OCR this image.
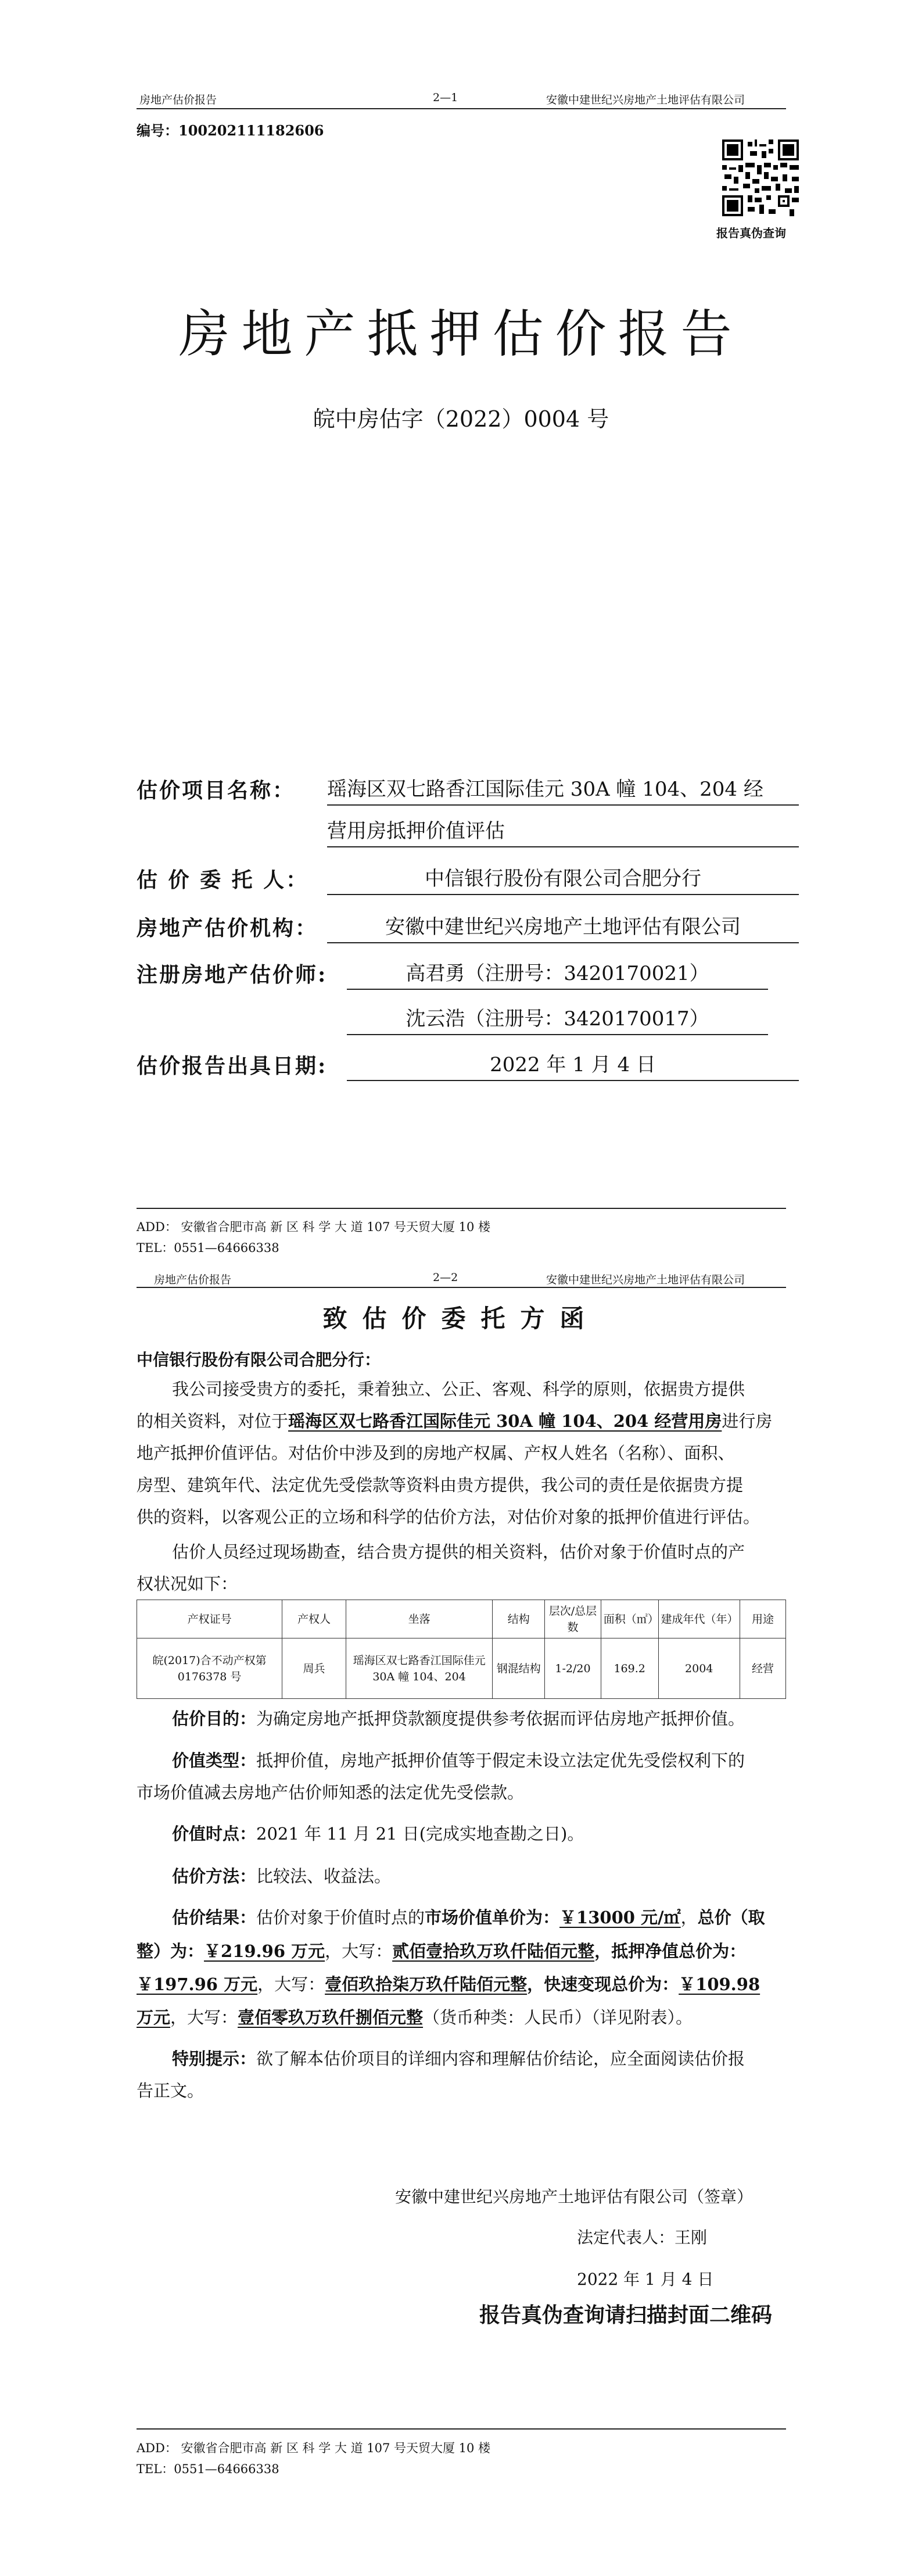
房地产估价报告	2—1	安徽中建世纪兴房地产土地评估有限公司
编号：100202111182606
报告真伪查询
房地产抵押估价报告
皖中房估字（2022）0004 号
估价项目名称： 瑶海区双七路香江国际佳元 30A 幢 104、204 经
营用房抵押价值评估
估 价 委 托 人：	中信银行股份有限公司合肥分行
房地产估价机构：	安徽中建世纪兴房地产土地评估有限公司
注册房地产估价师:	高君勇（注册号：3420170021）
沈云浩（注册号：3420170017）
估价报告出具日期:	2022 年 1 月 4 日
ADD： 安徽省合肥市高 新 区 科 学 大 道 107 号天贸大厦 10 楼
TEL：0551—64666338
房地产估价报告	2—2	安徽中建世纪兴房地产土地评估有限公司
致估价委托方函
中信银行股份有限公司合肥分行：
我公司接受贵方的委托，秉着独立、公正、客观、科学的原则，依据贵方提供
的相关资料，对位于瑶海区双七路香江国际佳元 30A 幢 104、204 经营用房进行房
地产抵押价值评估。对估价中涉及到的房地产权属、产权人姓名（名称）、面积、
房型、建筑年代、法定优先受偿款等资料由贵方提供，我公司的责任是依据贵方提
供的资料，以客观公正的立场和科学的估价方法，对估价对象的抵押价值进行评估。
估价人员经过现场勘查，结合贵方提供的相关资料，估价对象于价值时点的产
权状况如下：
产权证号	产权人	坐落	结构	层次/总层数	面积（㎡）	建成年代（年）	用途
皖(2017)合不动产权第 0176378 号	周兵	瑶海区双七路香江国际佳元 30A 幢 104、204	钢混结构	1-2/20	169.2	2004	经营
估价目的：为确定房地产抵押贷款额度提供参考依据而评估房地产抵押价值。
价值类型：抵押价值，房地产抵押价值等于假定未设立法定优先受偿权利下的
市场价值减去房地产估价师知悉的法定优先受偿款。
价值时点：2021 年 11 月 21 日(完成实地查勘之日)。
估价方法：比较法、收益法。
估价结果：估价对象于价值时点的市场价值单价为：￥13000 元/㎡，总价（取
整）为：￥219.96 万元，大写：贰佰壹拾玖万玖仟陆佰元整，抵押净值总价为：
￥197.96 万元，大写：壹佰玖拾柒万玖仟陆佰元整，快速变现总价为：￥109.98
万元，大写：壹佰零玖万玖仟捌佰元整（货币种类：人民币）（详见附表）。
特别提示：欲了解本估价项目的详细内容和理解估价结论，应全面阅读估价报
告正文。
安徽中建世纪兴房地产土地评估有限公司（签章）
法定代表人：王刚
2022 年 1 月 4 日
报告真伪查询请扫描封面二维码
ADD： 安徽省合肥市高 新 区 科 学 大 道 107 号天贸大厦 10 楼
TEL：0551—64666338
